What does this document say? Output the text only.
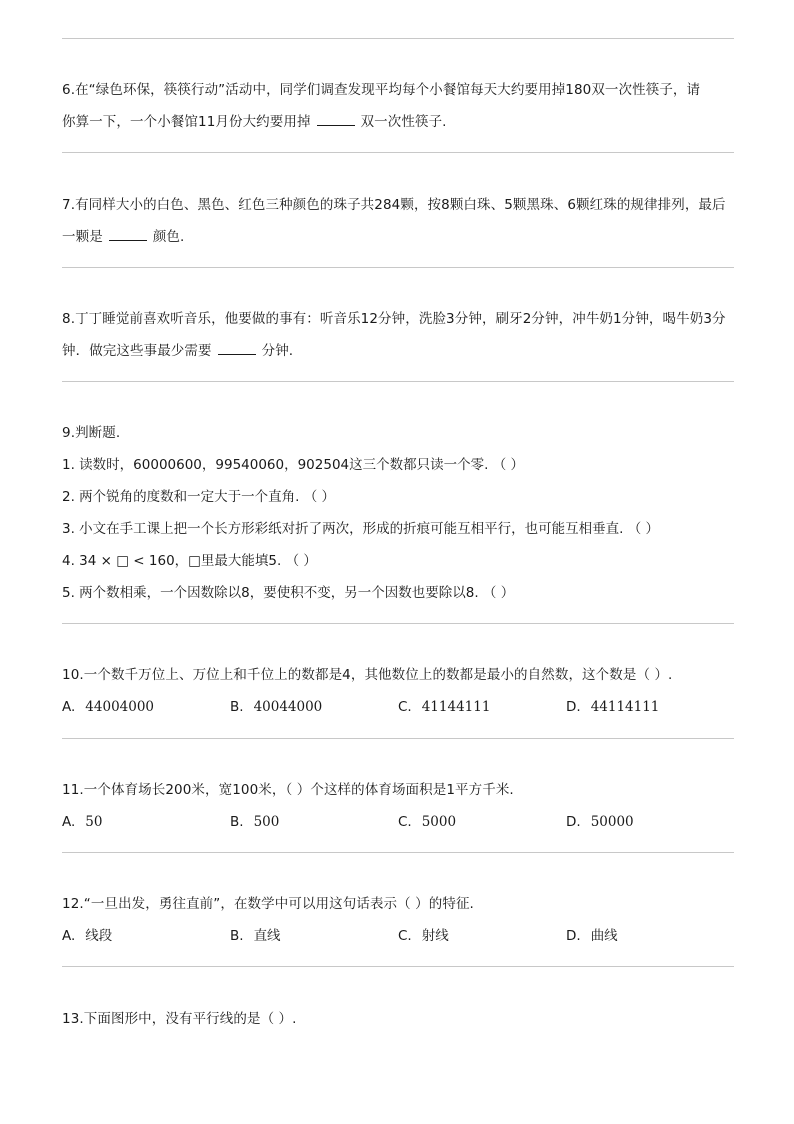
6.在“绿色环保，筷筷行动”活动中，同学们调查发现平均每个小餐馆每天大约要用掉180双一次性筷子，请
你算一下，一个小餐馆11月份大约要用掉	双一次性筷子.
7.有同样大小的白色、黑色、红色三种颜色的珠子共284颗，按8颗白珠、5颗黑珠、6颗红珠的规律排列，最后
一颗是	颜色.
8.丁丁睡觉前喜欢听音乐，他要做的事有：听音乐12分钟，洗脸3分钟，刷牙2分钟，冲牛奶1分钟，喝牛奶3分
钟．做完这些事最少需要	分钟.
9.判断题.
1. 读数时，60000600，99540060，902504这三个数都只读一个零. （ ）
2. 两个锐角的度数和一定大于一个直角. （ ）
3. 小文在手工课上把一个长方形彩纸对折了两次，形成的折痕可能互相平行，也可能互相垂直. （ ）
4. 34 × □ < 160，□里最大能填5. （ ）
5. 两个数相乘，一个因数除以8，要使积不变，另一个因数也要除以8. （ ）
10.一个数千万位上、万位上和千位上的数都是4，其他数位上的数都是最小的自然数，这个数是（ ）.
A. 44004000	B. 40044000	C. 41144111	D. 44114111
11.一个体育场长200米，宽100米，（ ）个这样的体育场面积是1平方千米.
A. 50	B. 500	C. 5000	D. 50000
12.“一旦出发，勇往直前”，在数学中可以用这句话表示（ ）的特征.
A. 线段	B. 直线	C. 射线	D. 曲线
13.下面图形中，没有平行线的是（ ）.
